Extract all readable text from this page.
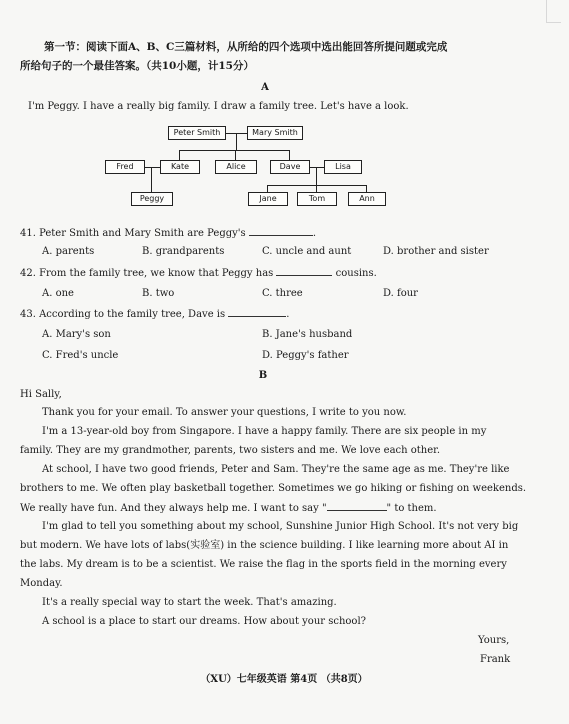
第一节：阅读下面A、B、C三篇材料，从所给的四个选项中选出能回答所提问题或完成
所给句子的一个最佳答案。（共10小题，计15分）
A
I'm Peggy. I have a really big family. I draw a family tree. Let's have a look.
Peter Smith	Mary Smith
Fred	Kate	Alice	Dave	Lisa
Peggy	Jane	Tom	Ann
41. Peter Smith and Mary Smith are Peggy's	.
A. parents	B. grandparents	C. uncle and aunt	D. brother and sister
42. From the family tree, we know that Peggy has	cousins.
A. one	B. two	C. three	D. four
43. According to the family tree, Dave is	.
A. Mary's son	B. Jane's husband
C. Fred's uncle	D. Peggy's father
B
Hi Sally,
Thank you for your email. To answer your questions, I write to you now.
I'm a 13-year-old boy from Singapore. I have a happy family. There are six people in my
family. They are my grandmother, parents, two sisters and me. We love each other.
At school, I have two good friends, Peter and Sam. They're the same age as me. They're like
brothers to me. We often play basketball together. Sometimes we go hiking or fishing on weekends.
We really have fun. And they always help me. I want to say "	" to them.
I'm glad to tell you something about my school, Sunshine Junior High School. It's not very big
but modern. We have lots of labs(实验室) in the science building. I like learning more about AI in
the labs. My dream is to be a scientist. We raise the flag in the sports field in the morning every
Monday.
It's a really special way to start the week. That's amazing.
A school is a place to start our dreams. How about your school?
Yours,
Frank
（XU）七年级英语 第4页 （共8页）
